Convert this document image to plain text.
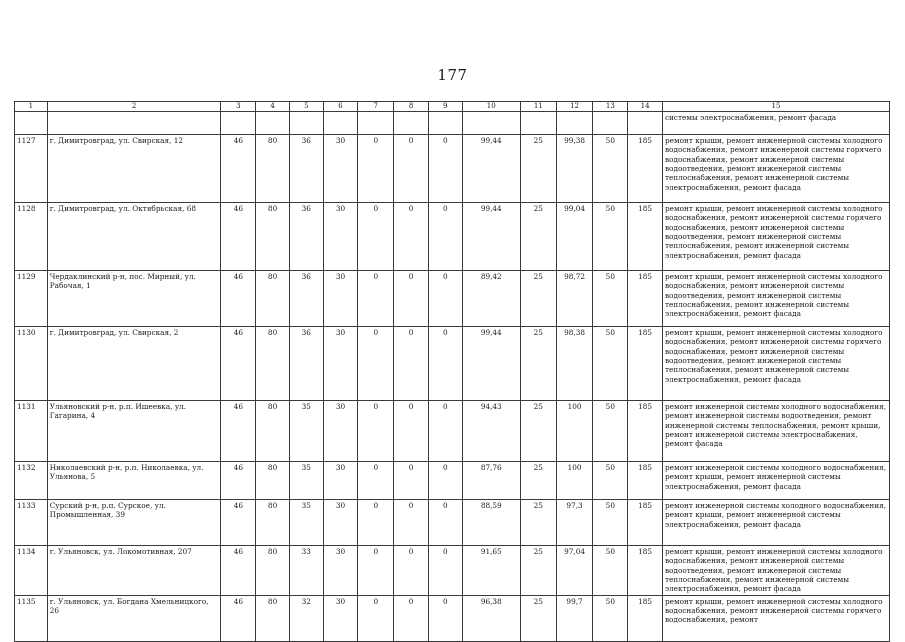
177
1	2	3	4	5	6	7	8	9	10	11	12	13	14	15
														системы электроснабжения, ремонт фасада
1127	г. Димитровград, ул. Свирская, 12	46	80	36	30	0	0	0	99,44	25	99,38	50	185	ремонт крыши, ремонт инженерной системы холодного водоснабжения, ремонт инженерной системы горячего водоснабжения, ремонт инженерной системы водоотведения, ремонт инженерной системы теплоснабжения, ремонт инженерной системы электроснабжения, ремонт фасада
1128	г. Димитровград, ул. Октябрьская, 68	46	80	36	30	0	0	0	99,44	25	99,04	50	185	ремонт крыши, ремонт инженерной системы холодного водоснабжения, ремонт инженерной системы горячего водоснабжения, ремонт инженерной системы водоотведения, ремонт инженерной системы теплоснабжения, ремонт инженерной системы электроснабжения, ремонт фасада
1129	Чердаклинский р-н, пос. Мирный, ул. Рабочая, 1	46	80	36	30	0	0	0	89,42	25	98,72	50	185	ремонт крыши, ремонт инженерной системы холодного водоснабжения, ремонт инженерной системы водоотведения, ремонт инженерной системы теплоснабжения, ремонт инженерной системы электроснабжения, ремонт фасада
1130	г. Димитровград, ул. Свирская, 2	46	80	36	30	0	0	0	99,44	25	98,38	50	185	ремонт крыши, ремонт инженерной системы холодного водоснабжения, ремонт инженерной системы горячего водоснабжения, ремонт инженерной системы водоотведения, ремонт инженерной системы теплоснабжения, ремонт инженерной системы электроснабжения, ремонт фасада
1131	Ульяновский р-н, р.п. Ишеевка, ул. Гагарина, 4	46	80	35	30	0	0	0	94,43	25	100	50	185	ремонт инженерной системы холодного водоснабжения, ремонт инженерной системы водоотведения, ремонт инженерной системы теплоснабжения, ремонт крыши, ремонт инженерной системы электроснабжения, ремонт фасада
1132	Николаевский р-н, р.п. Николаевка, ул. Ульянова, 5	46	80	35	30	0	0	0	87,76	25	100	50	185	ремонт инженерной системы холодного водоснабжения, ремонт крыши, ремонт инженерной системы электроснабжения, ремонт фасада
1133	Сурский р-н, р.п. Сурское, ул. Промышленная, 39	46	80	35	30	0	0	0	88,59	25	97,3	50	185	ремонт инженерной системы холодного водоснабжения, ремонт крыши, ремонт инженерной системы электроснабжения, ремонт фасада
1134	г. Ульяновск, ул. Локомотивная, 207	46	80	33	30	0	0	0	91,65	25	97,04	50	185	ремонт крыши, ремонт инженерной системы холодного водоснабжения, ремонт инженерной системы водоотведения, ремонт инженерной системы теплоснабжения, ремонт инженерной системы электроснабжения, ремонт фасада
1135	г. Ульяновск, ул. Богдана Хмельницкого, 26	46	80	32	30	0	0	0	96,38	25	99,7	50	185	ремонт крыши, ремонт инженерной системы холодного водоснабжения, ремонт инженерной системы горячего водоснабжения, ремонт
